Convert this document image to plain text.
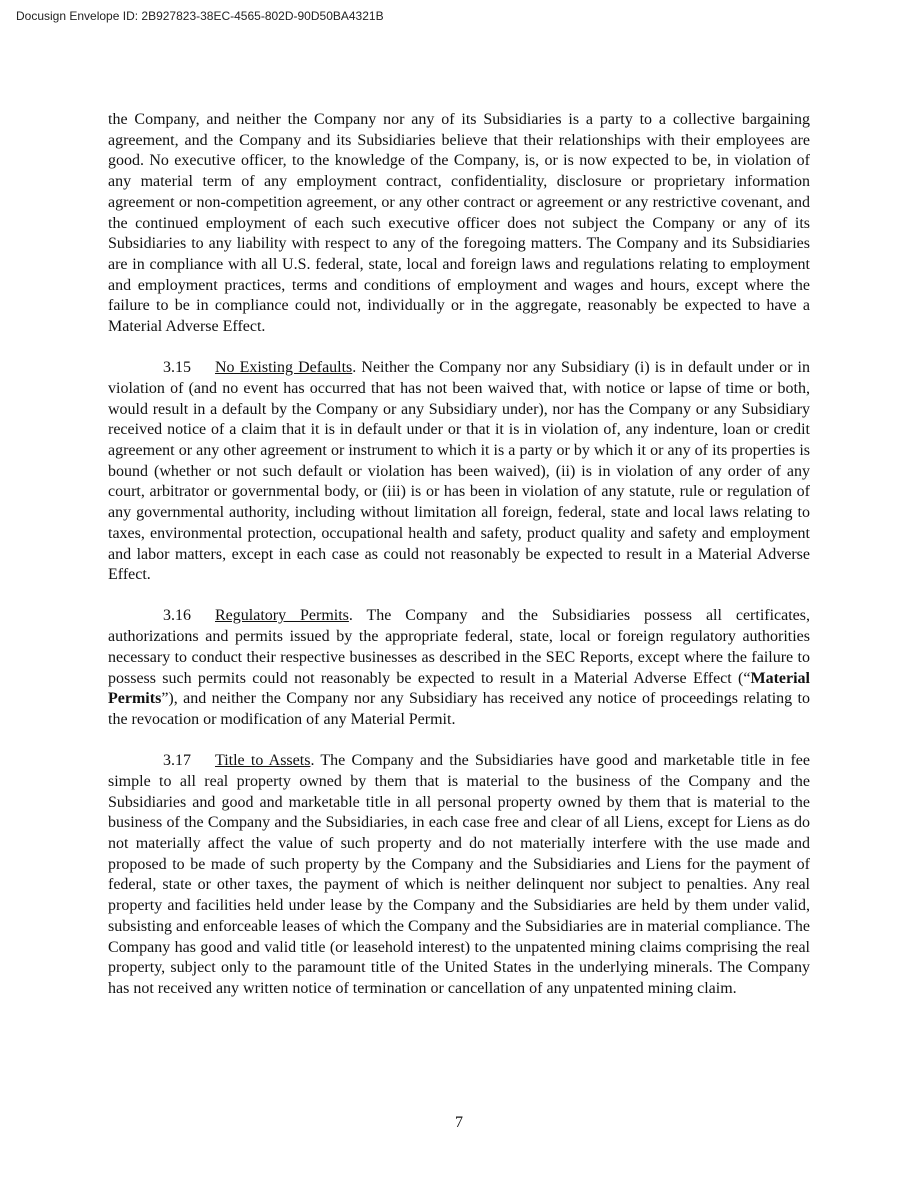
Docusign Envelope ID: 2B927823-38EC-4565-802D-90D50BA4321B

the Company, and neither the Company nor any of its Subsidiaries is a party to a collective bargaining agreement, and the Company and its Subsidiaries believe that their relationships with their employees are good. No executive officer, to the knowledge of the Company, is, or is now expected to be, in violation of any material term of any employment contract, confidentiality, disclosure or proprietary information agreement or non-competition agreement, or any other contract or agreement or any restrictive covenant, and the continued employment of each such executive officer does not subject the Company or any of its Subsidiaries to any liability with respect to any of the foregoing matters. The Company and its Subsidiaries are in compliance with all U.S. federal, state, local and foreign laws and regulations relating to employment and employment practices, terms and conditions of employment and wages and hours, except where the failure to be in compliance could not, individually or in the aggregate, reasonably be expected to have a Material Adverse Effect.

3.15 No Existing Defaults. Neither the Company nor any Subsidiary (i) is in default under or in violation of (and no event has occurred that has not been waived that, with notice or lapse of time or both, would result in a default by the Company or any Subsidiary under), nor has the Company or any Subsidiary received notice of a claim that it is in default under or that it is in violation of, any indenture, loan or credit agreement or any other agreement or instrument to which it is a party or by which it or any of its properties is bound (whether or not such default or violation has been waived), (ii) is in violation of any order of any court, arbitrator or governmental body, or (iii) is or has been in violation of any statute, rule or regulation of any governmental authority, including without limitation all foreign, federal, state and local laws relating to taxes, environmental protection, occupational health and safety, product quality and safety and employment and labor matters, except in each case as could not reasonably be expected to result in a Material Adverse Effect.

3.16 Regulatory Permits. The Company and the Subsidiaries possess all certificates, authorizations and permits issued by the appropriate federal, state, local or foreign regulatory authorities necessary to conduct their respective businesses as described in the SEC Reports, except where the failure to possess such permits could not reasonably be expected to result in a Material Adverse Effect (“Material Permits”), and neither the Company nor any Subsidiary has received any notice of proceedings relating to the revocation or modification of any Material Permit.

3.17 Title to Assets. The Company and the Subsidiaries have good and marketable title in fee simple to all real property owned by them that is material to the business of the Company and the Subsidiaries and good and marketable title in all personal property owned by them that is material to the business of the Company and the Subsidiaries, in each case free and clear of all Liens, except for Liens as do not materially affect the value of such property and do not materially interfere with the use made and proposed to be made of such property by the Company and the Subsidiaries and Liens for the payment of federal, state or other taxes, the payment of which is neither delinquent nor subject to penalties. Any real property and facilities held under lease by the Company and the Subsidiaries are held by them under valid, subsisting and enforceable leases of which the Company and the Subsidiaries are in material compliance. The Company has good and valid title (or leasehold interest) to the unpatented mining claims comprising the real property, subject only to the paramount title of the United States in the underlying minerals. The Company has not received any written notice of termination or cancellation of any unpatented mining claim.

7
